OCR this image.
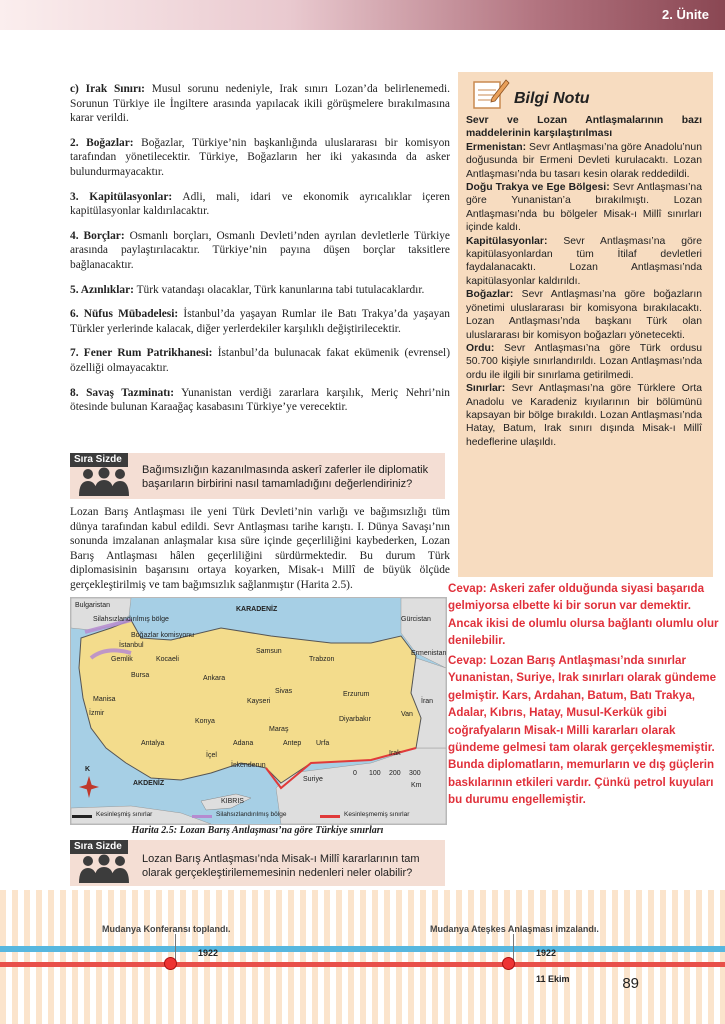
2. Ünite

c) Irak Sınırı: Musul sorunu nedeniyle, Irak sınırı Lozan’da belirlenemedi. Sorunun Türkiye ile İngiltere arasında yapılacak ikili görüşmelere bırakılmasına karar verildi.

2. Boğazlar: Boğazlar, Türkiye’nin başkanlığında uluslararası bir komisyon tarafından yönetilecektir. Türkiye, Boğazların her iki yakasında da asker bulundurmayacaktır.

3. Kapitülasyonlar: Adli, mali, idari ve ekonomik ayrıcalıklar içeren kapitülasyonlar kaldırılacaktır.

4. Borçlar: Osmanlı borçları, Osmanlı Devleti’nden ayrılan devletlerle Türkiye arasında paylaştırılacaktır. Türkiye’nin payına düşen borçlar taksitlere bağlanacaktır.

5. Azınlıklar: Türk vatandaşı olacaklar, Türk kanunlarına tabi tutulacaklardır.

6. Nüfus Mübadelesi: İstanbul’da yaşayan Rumlar ile Batı Trakya’da yaşayan Türkler yerlerinde kalacak, diğer yerlerdekiler karşılıklı değiştirilecektir.

7. Fener Rum Patrikhanesi: İstanbul’da bulunacak fakat ekümenik (evrensel) özelliği olmayacaktır.

8. Savaş Tazminatı: Yunanistan verdiği zararlara karşılık, Meriç Nehri’nin ötesinde bulunan Karaağaç kasabasını Türkiye’ye verecektir.

Sıra Sizde
Bağımsızlığın kazanılmasında askerî zaferler ile diplomatik başarıların birbirini nasıl tamamladığını değerlendiriniz?
Lozan Barış Antlaşması ile yeni Türk Devleti’nin varlığı ve bağımsızlığı tüm dünya tarafından kabul edildi. Sevr Antlaşması tarihe karıştı. I. Dünya Savaşı’nın sonunda imzalanan anlaşmalar kısa süre içinde geçerliliğini kaybederken, Lozan Barış Antlaşması hâlen geçerliliğini sürdürmektedir. Bu durum Türk diplomasisinin başarısını ortaya koyarken, Misak-ı Millî de büyük ölçüde gerçekleştirilmiş ve tam bağımsızlık sağlanmıştır (Harita 2.5).
Bulgaristan
Silahsızlandırılmış bölge
KARADENİZ
Gürcistan
Boğazlar komisyonu
İstanbul
Gemlik	Kocaeli
Bursa
Ermenistan
Samsun
Trabzon
Ankara
Sivas	Erzurum
Manisa
İzmir
Kayseri	İran
Van
Konya	Diyarbakır
Maraş
Antalya	Adana	Antep Urfa
İçel
İskenderun
Irak
K
AKDENİZ
Suriye
KIBRIS
Km
0 100 200 300
Kesinleşmiş sınırlar	Silahsızlandırılmış bölge	Kesinleşmemiş sınırlar
Harita 2.5: Lozan Barış Antlaşması’na göre Türkiye sınırları
Sıra Sizde
Lozan Barış Antlaşması’nda Misak-ı Millî kararlarının tam olarak gerçekleştirilememesinin nedenleri neler olabilir?
Bilgi Notu

Sevr ve Lozan Antlaşmalarının bazı maddelerinin karşılaştırılması

Ermenistan: Sevr Antlaşması’na göre Anadolu’nun doğusunda bir Ermeni Devleti kurulacaktı. Lozan Antlaşması’nda bu tasarı kesin olarak reddedildi.

Doğu Trakya ve Ege Bölgesi: Sevr Antlaşması’na göre Yunanistan’a bırakılmıştı. Lozan Antlaşması’nda bu bölgeler Misak-ı Millî sınırları içinde kaldı.

Kapitülasyonlar: Sevr Antlaşması’na göre kapitülasyonlardan tüm İtilaf devletleri faydalanacaktı. Lozan Antlaşması’nda kapitülasyonlar kaldırıldı.

Boğazlar: Sevr Antlaşması’na göre boğazların yönetimi uluslararası bir komisyona bırakılacaktı. Lozan Antlaşması’nda başkanı Türk olan uluslararası bir komisyon boğazları yönetecekti.

Ordu: Sevr Antlaşması’na göre Türk ordusu 50.700 kişiyle sınırlandırıldı. Lozan Antlaşması’nda ordu ile ilgili bir sınırlama getirilmedi.

Sınırlar: Sevr Antlaşması’na göre Türklere Orta Anadolu ve Karadeniz kıyılarının bir bölümünü kapsayan bir bölge bırakıldı. Lozan Antlaşması’nda Hatay, Batum, Irak sınırı dışında Misak-ı Millî hedeflerine ulaşıldı.

Cevap: Askeri zafer olduğunda siyasi başarıda gelmiyorsa elbette ki bir sorun var demektir. Ancak ikisi de olumlu olursa bağlantı olumlu olur denilebilir.
Cevap: Lozan Barış Antlaşması’nda sınırlar Yunanistan, Suriye, Irak sınırları olarak gündeme gelmiştir. Kars, Ardahan, Batum, Batı Trakya, Adalar, Kıbrıs, Hatay, Musul-Kerkük gibi coğrafyaların Misak-ı Milli kararları olarak gündeme gelmesi tam olarak gerçekleşmemiştir. Bunda diplomatların, memurların ve dış güçlerin baskılarının etkileri vardır. Çünkü petrol kuyuları bu durumu engellemiştir.
Mudanya Konferansı toplandı.
1922
Mudanya Ateşkes Anlaşması imzalandı.
1922
11 Ekim	89
